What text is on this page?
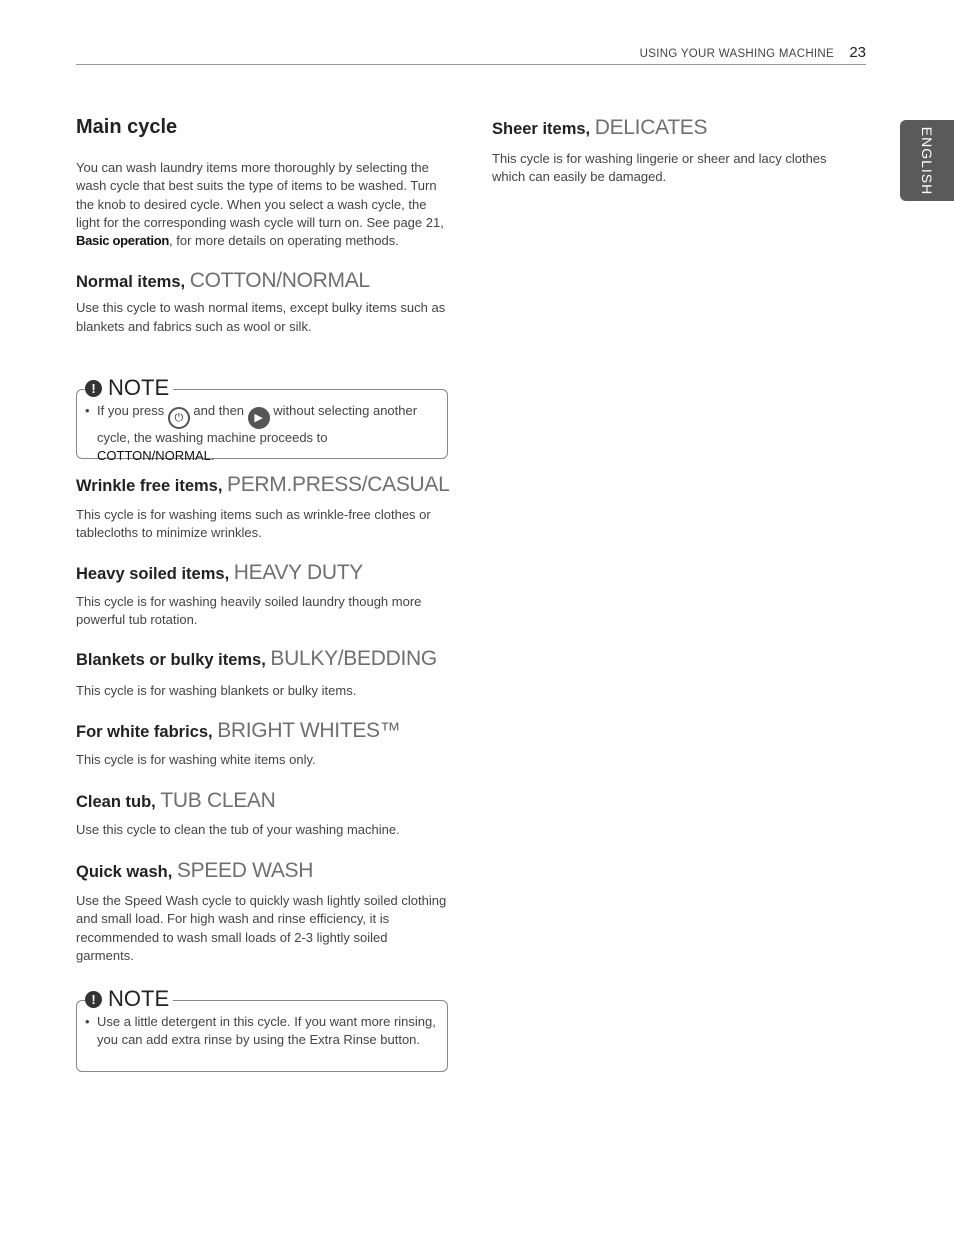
USING YOUR WASHING MACHINE 23
ENGLISH
Main cycle

You can wash laundry items more thoroughly by selecting the wash cycle that best suits the type of items to be washed. Turn the knob to desired cycle. When you select a wash cycle, the light for the corresponding wash cycle will turn on. See page 21, Basic operation, for more details on operating methods.

Normal items, COTTON/NORMAL

Use this cycle to wash normal items, except bulky items such as blankets and fabrics such as wool or silk.

! NOTE
• If you press ⏻ and then ▶ without selecting another cycle, the washing machine proceeds to COTTON/NORMAL.
Wrinkle free items, PERM.PRESS/CASUAL

This cycle is for washing items such as wrinkle-free clothes or tablecloths to minimize wrinkles.

Heavy soiled items, HEAVY DUTY

This cycle is for washing heavily soiled laundry though more powerful tub rotation.

Blankets or bulky items, BULKY/BEDDING

This cycle is for washing blankets or bulky items.

For white fabrics, BRIGHT WHITES™

This cycle is for washing white items only.

Clean tub, TUB CLEAN

Use this cycle to clean the tub of your washing machine.

Quick wash, SPEED WASH

Use the Speed Wash cycle to quickly wash lightly soiled clothing and small load. For high wash and rinse efficiency, it is recommended to wash small loads of 2-3 lightly soiled garments.

! NOTE
• Use a little detergent in this cycle. If you want more rinsing, you can add extra rinse by using the Extra Rinse button.
Sheer items, DELICATES

This cycle is for washing lingerie or sheer and lacy clothes which can easily be damaged.
